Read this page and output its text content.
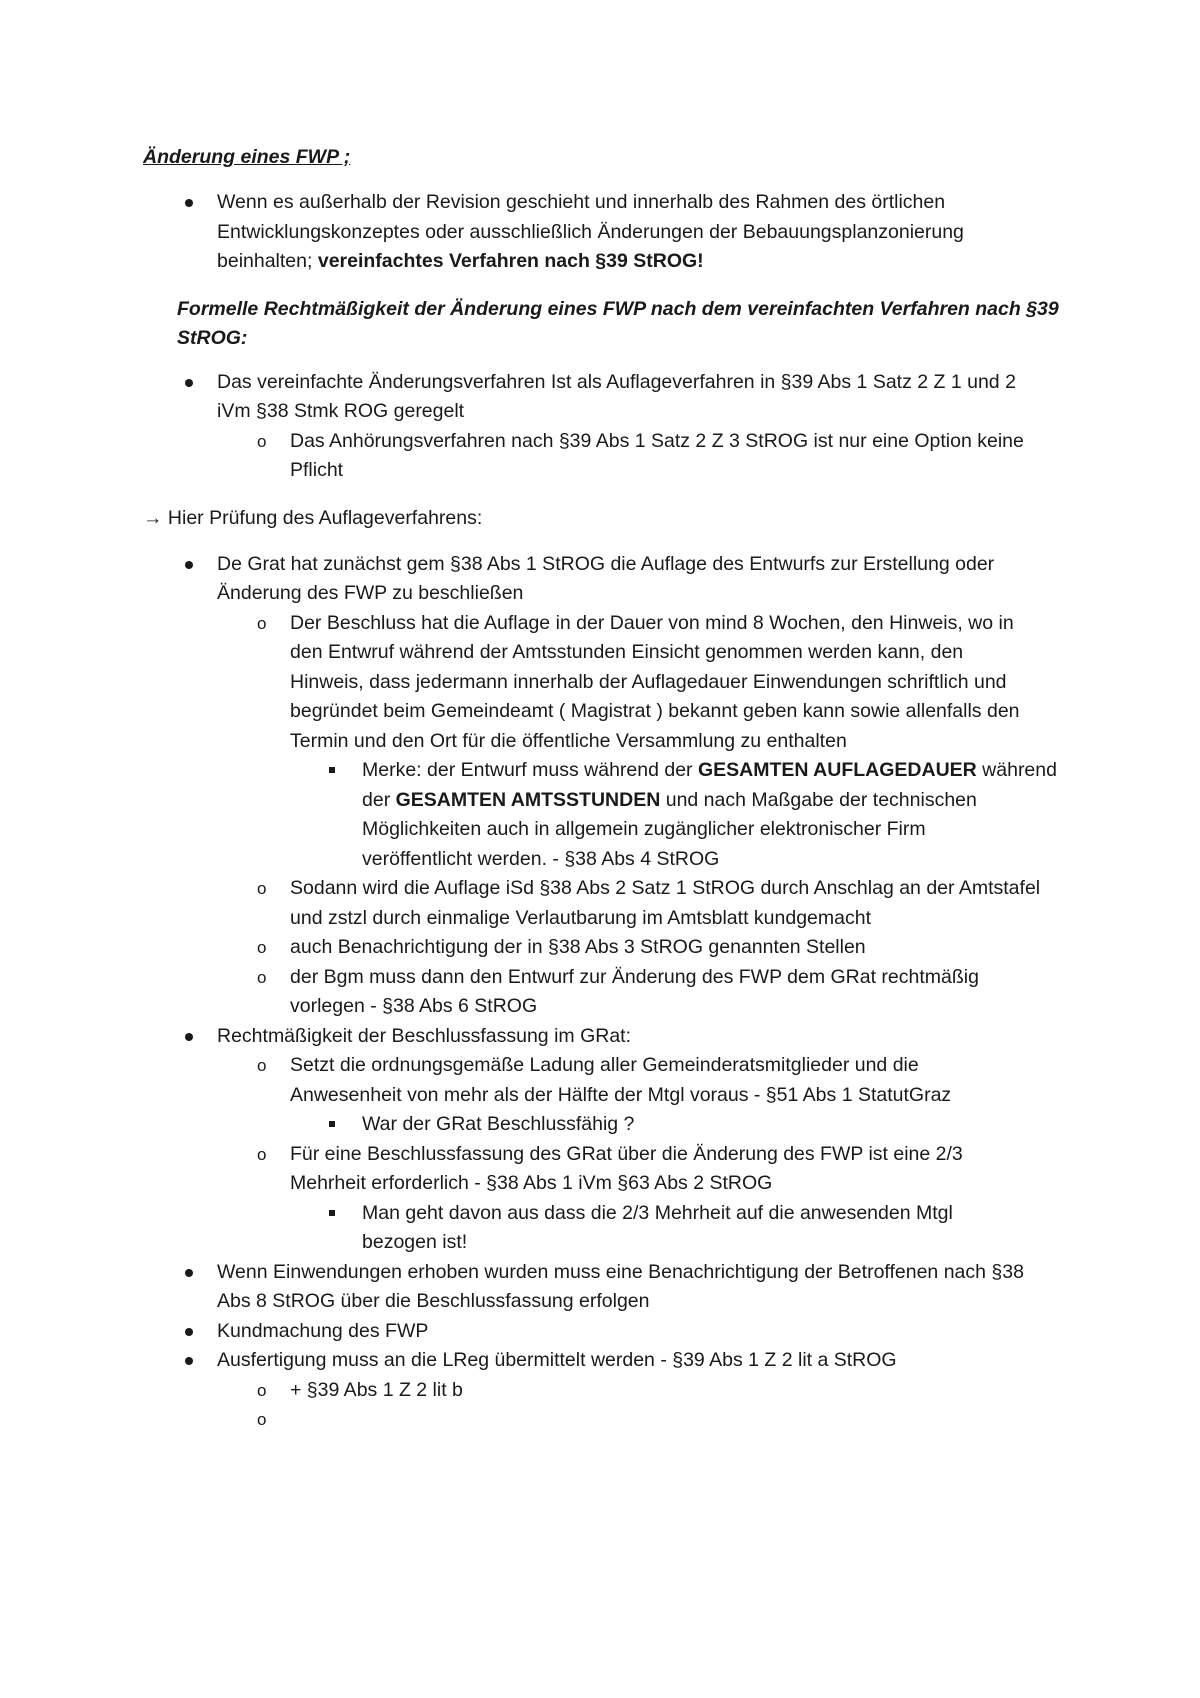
Änderung eines FWP ;
Wenn es außerhalb der Revision geschieht und innerhalb des Rahmen des örtlichen
Entwicklungskonzeptes oder ausschließlich Änderungen der Bebauungsplanzonierung
beinhalten; vereinfachtes Verfahren nach §39 StROG!
Formelle Rechtmäßigkeit der Änderung eines FWP nach dem vereinfachten Verfahren nach §39
StROG:
Das vereinfachte Änderungsverfahren Ist als Auflageverfahren in §39 Abs 1 Satz 2 Z 1 und 2
iVm §38 Stmk ROG geregelt
o Das Anhörungsverfahren nach §39 Abs 1 Satz 2 Z 3 StROG ist nur eine Option keine
Pflicht
→ Hier Prüfung des Auflageverfahrens:
De Grat hat zunächst gem §38 Abs 1 StROG die Auflage des Entwurfs zur Erstellung oder
Änderung des FWP zu beschließen
o Der Beschluss hat die Auflage in der Dauer von mind 8 Wochen, den Hinweis, wo in
den Entwruf während der Amtsstunden Einsicht genommen werden kann, den
Hinweis, dass jedermann innerhalb der Auflagedauer Einwendungen schriftlich und
begründet beim Gemeindeamt ( Magistrat ) bekannt geben kann sowie allenfalls den
Termin und den Ort für die öffentliche Versammlung zu enthalten
Merke: der Entwurf muss während der GESAMTEN AUFLAGEDAUER während
der GESAMTEN AMTSSTUNDEN und nach Maßgabe der technischen
Möglichkeiten auch in allgemein zugänglicher elektronischer Firm
veröffentlicht werden. - §38 Abs 4 StROG
o Sodann wird die Auflage iSd §38 Abs 2 Satz 1 StROG durch Anschlag an der Amtstafel
und zstzl durch einmalige Verlautbarung im Amtsblatt kundgemacht
o auch Benachrichtigung der in §38 Abs 3 StROG genannten Stellen
o der Bgm muss dann den Entwurf zur Änderung des FWP dem GRat rechtmäßig
vorlegen - §38 Abs 6 StROG
Rechtmäßigkeit der Beschlussfassung im GRat:
o Setzt die ordnungsgemäße Ladung aller Gemeinderatsmitglieder und die
Anwesenheit von mehr als der Hälfte der Mtgl voraus - §51 Abs 1 StatutGraz
War der GRat Beschlussfähig ?
o Für eine Beschlussfassung des GRat über die Änderung des FWP ist eine 2/3
Mehrheit erforderlich - §38 Abs 1 iVm §63 Abs 2 StROG
Man geht davon aus dass die 2/3 Mehrheit auf die anwesenden Mtgl
bezogen ist!
Wenn Einwendungen erhoben wurden muss eine Benachrichtigung der Betroffenen nach §38
Abs 8 StROG über die Beschlussfassung erfolgen
Kundmachung des FWP
Ausfertigung muss an die LReg übermittelt werden - §39 Abs 1 Z 2 lit a StROG
o + §39 Abs 1 Z 2 lit b
o
